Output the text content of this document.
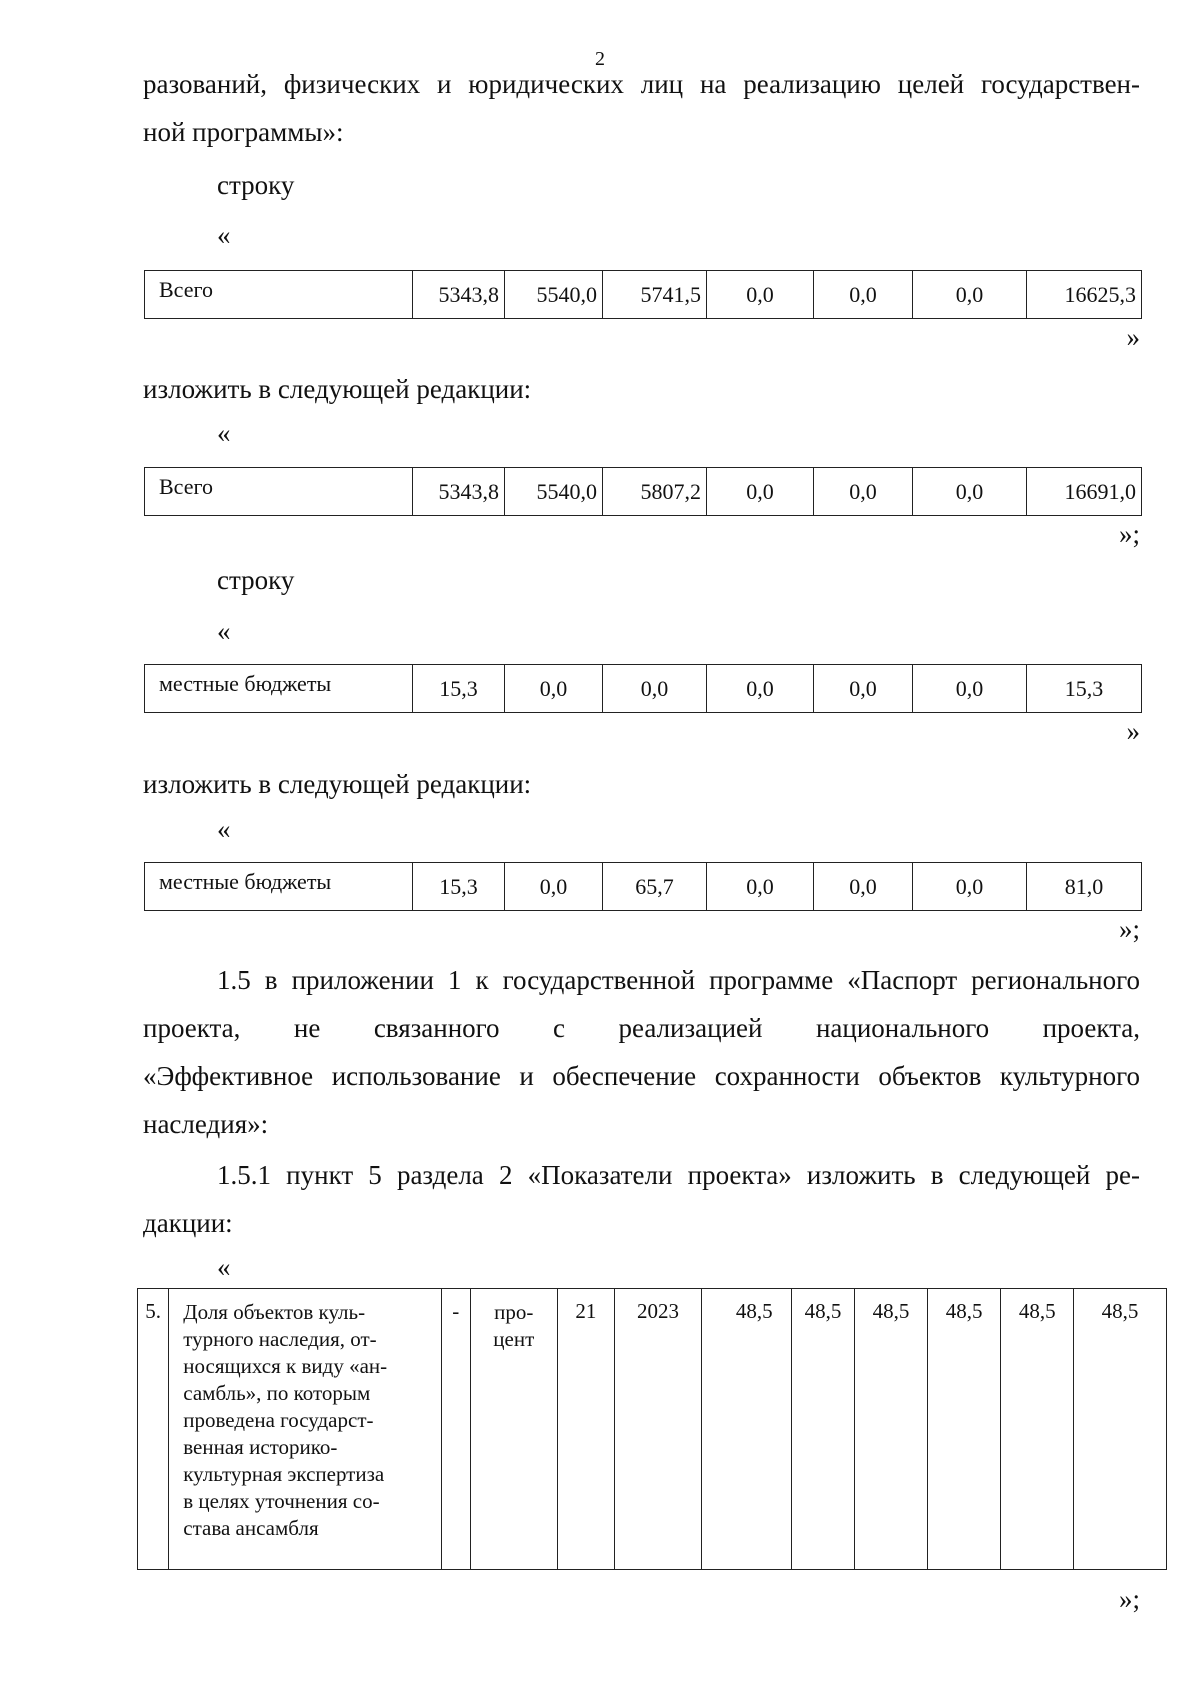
2
разований, физических и юридических лиц на реализацию целей государствен-
ной программы»:
строку
«
Всего	5343,8	5540,0	5741,5	0,0	0,0	0,0	16625,3
»
изложить в следующей редакции:
«
Всего	5343,8	5540,0	5807,2	0,0	0,0	0,0	16691,0
»;
строку
«
местные бюджеты	15,3	0,0	0,0	0,0	0,0	0,0	15,3
»
изложить в следующей редакции:
«
местные бюджеты	15,3	0,0	65,7	0,0	0,0	0,0	81,0
»;
1.5 в приложении 1 к государственной программе «Паспорт регионального
проекта, не связанного с реализацией национального проекта,
«Эффективное использование и обеспечение сохранности объектов культурного
наследия»:
1.5.1 пункт 5 раздела 2 «Показатели проекта» изложить в следующей ре-
дакции:
«
5.	Доля объектов куль-
турного наследия, от-
носящихся к виду «ан-
самбль», по которым
проведена государст-
венная историко-
культурная экспертиза
в целях уточнения со-
става ансамбля
	-	про-
цент
	21	2023	48,5	48,5	48,5	48,5	48,5	48,5
»;
